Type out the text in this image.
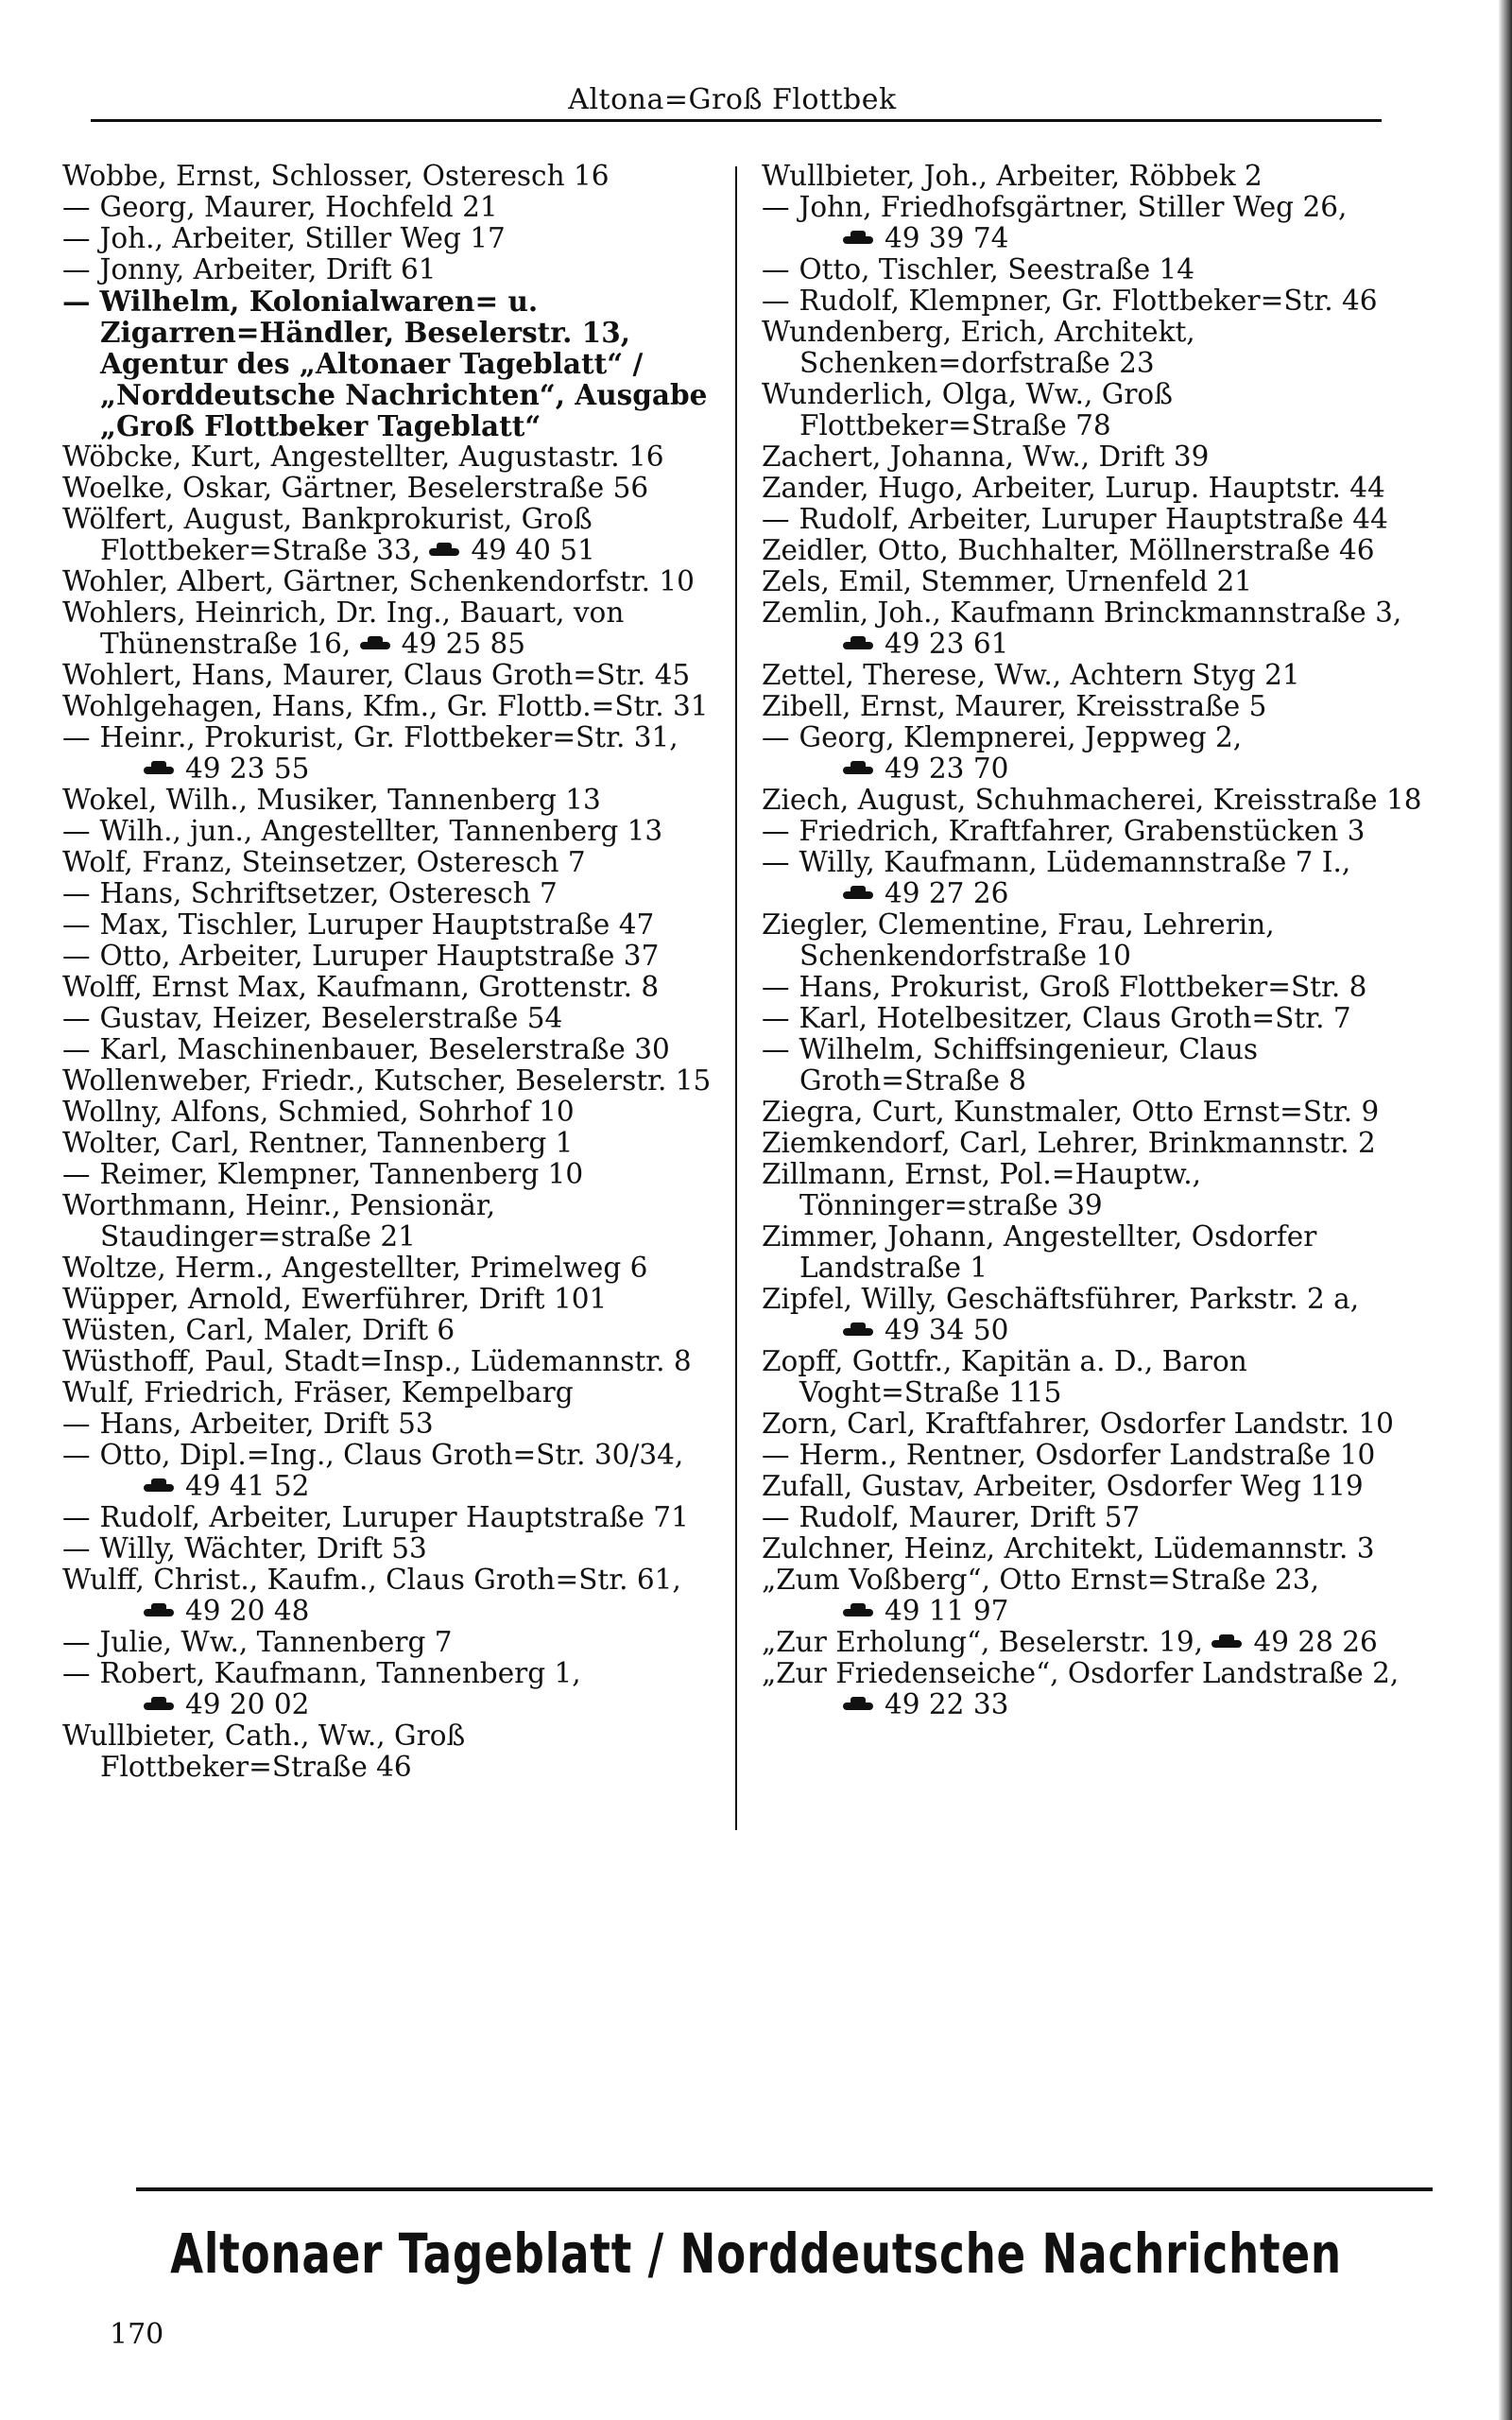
Altona=Groß Flottbek

Wobbe, Ernst, Schlosser, Osteresch 16

— Georg, Maurer, Hochfeld 21

— Joh., Arbeiter, Stiller Weg 17

— Jonny, Arbeiter, Drift 61

— Wilhelm, Kolonialwaren= u. Zigarren=Händler, Beselerstr. 13, Agentur des „Altonaer Tageblatt“ / „Norddeutsche Nachrichten“, Ausgabe „Groß Flottbeker Tageblatt“

Wöbcke, Kurt, Angestellter, Augustastr. 16

Woelke, Oskar, Gärtner, Beselerstraße 56

Wölfert, August, Bankprokurist, Groß Flottbeker=Straße 33, 49 40 51

Wohler, Albert, Gärtner, Schenkendorfstr. 10

Wohlers, Heinrich, Dr. Ing., Bauart, von Thünenstraße 16, 49 25 85

Wohlert, Hans, Maurer, Claus Groth=Str. 45

Wohlgehagen, Hans, Kfm., Gr. Flottb.=Str. 31

— Heinr., Prokurist, Gr. Flottbeker=Str. 31,
49 23 55

Wokel, Wilh., Musiker, Tannenberg 13

— Wilh., jun., Angestellter, Tannenberg 13

Wolf, Franz, Steinsetzer, Osteresch 7

— Hans, Schriftsetzer, Osteresch 7

— Max, Tischler, Luruper Hauptstraße 47

— Otto, Arbeiter, Luruper Hauptstraße 37

Wolff, Ernst Max, Kaufmann, Grottenstr. 8

— Gustav, Heizer, Beselerstraße 54

— Karl, Maschinenbauer, Beselerstraße 30

Wollenweber, Friedr., Kutscher, Beselerstr. 15

Wollny, Alfons, Schmied, Sohrhof 10

Wolter, Carl, Rentner, Tannenberg 1

— Reimer, Klempner, Tannenberg 10

Worthmann, Heinr., Pensionär, Staudinger=straße 21

Woltze, Herm., Angestellter, Primelweg 6

Wüpper, Arnold, Ewerführer, Drift 101

Wüsten, Carl, Maler, Drift 6

Wüsthoff, Paul, Stadt=Insp., Lüdemannstr. 8

Wulf, Friedrich, Fräser, Kempelbarg

— Hans, Arbeiter, Drift 53

— Otto, Dipl.=Ing., Claus Groth=Str. 30/34,
49 41 52

— Rudolf, Arbeiter, Luruper Hauptstraße 71

— Willy, Wächter, Drift 53

Wulff, Christ., Kaufm., Claus Groth=Str. 61,
49 20 48

— Julie, Ww., Tannenberg 7

— Robert, Kaufmann, Tannenberg 1,
49 20 02

Wullbieter, Cath., Ww., Groß Flottbeker=Straße 46

Wullbieter, Joh., Arbeiter, Röbbek 2

— John, Friedhofsgärtner, Stiller Weg 26,
49 39 74

— Otto, Tischler, Seestraße 14

— Rudolf, Klempner, Gr. Flottbeker=Str. 46

Wundenberg, Erich, Architekt, Schenken=dorfstraße 23

Wunderlich, Olga, Ww., Groß Flottbeker=Straße 78

Zachert, Johanna, Ww., Drift 39

Zander, Hugo, Arbeiter, Lurup. Hauptstr. 44

— Rudolf, Arbeiter, Luruper Hauptstraße 44

Zeidler, Otto, Buchhalter, Möllnerstraße 46

Zels, Emil, Stemmer, Urnenfeld 21

Zemlin, Joh., Kaufmann Brinckmannstraße 3,
49 23 61

Zettel, Therese, Ww., Achtern Styg 21

Zibell, Ernst, Maurer, Kreisstraße 5

— Georg, Klempnerei, Jeppweg 2,
49 23 70

Ziech, August, Schuhmacherei, Kreisstraße 18

— Friedrich, Kraftfahrer, Grabenstücken 3

— Willy, Kaufmann, Lüdemannstraße 7 I.,
49 27 26

Ziegler, Clementine, Frau, Lehrerin, Schenkendorfstraße 10

— Hans, Prokurist, Groß Flottbeker=Str. 8

— Karl, Hotelbesitzer, Claus Groth=Str. 7

— Wilhelm, Schiffsingenieur, Claus Groth=Straße 8

Ziegra, Curt, Kunstmaler, Otto Ernst=Str. 9

Ziemkendorf, Carl, Lehrer, Brinkmannstr. 2

Zillmann, Ernst, Pol.=Hauptw., Tönninger=straße 39

Zimmer, Johann, Angestellter, Osdorfer Landstraße 1

Zipfel, Willy, Geschäftsführer, Parkstr. 2 a,
49 34 50

Zopff, Gottfr., Kapitän a. D., Baron Voght=Straße 115

Zorn, Carl, Kraftfahrer, Osdorfer Landstr. 10

— Herm., Rentner, Osdorfer Landstraße 10

Zufall, Gustav, Arbeiter, Osdorfer Weg 119

— Rudolf, Maurer, Drift 57

Zulchner, Heinz, Architekt, Lüdemannstr. 3

„Zum Voßberg“, Otto Ernst=Straße 23,
49 11 97

„Zur Erholung“, Beselerstr. 19, 49 28 26

„Zur Friedenseiche“, Osdorfer Landstraße 2,
49 22 33

Altonaer Tageblatt / Norddeutsche Nachrichten
170
